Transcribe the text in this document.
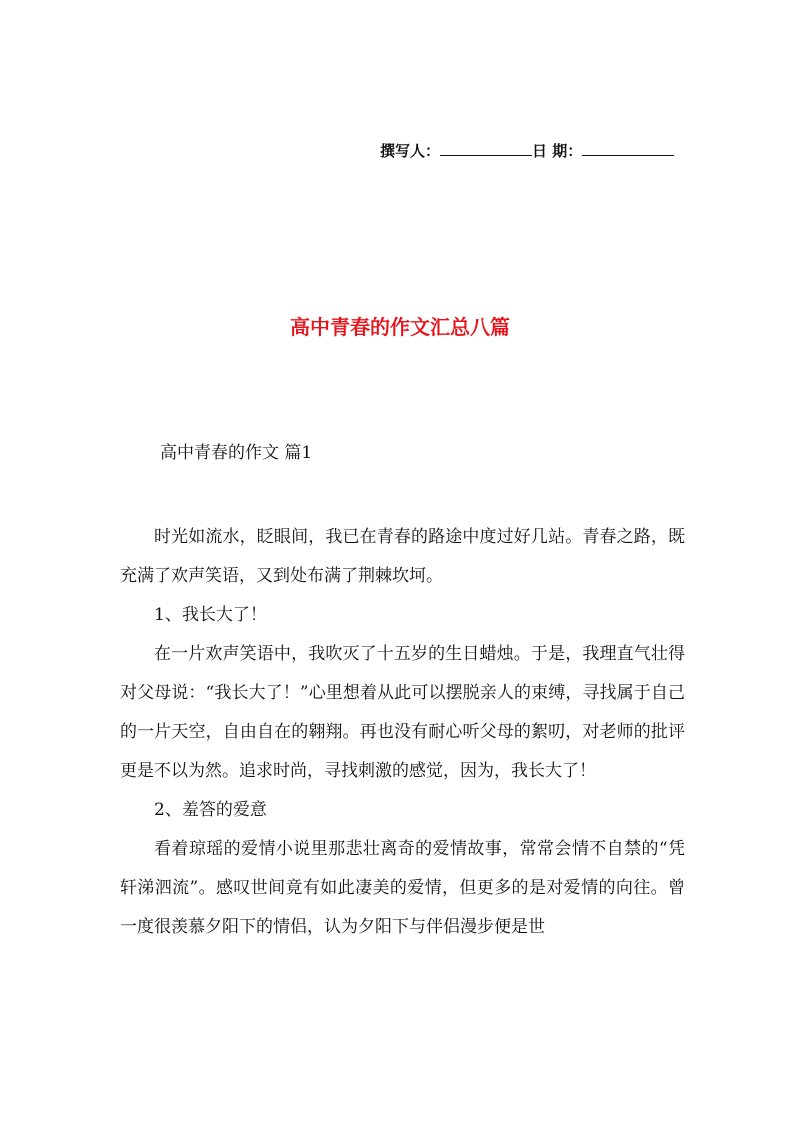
撰写人：	日 期：
高中青春的作文汇总八篇
高中青春的作文 篇1

时光如流水，眨眼间，我已在青春的路途中度过好几站。青春之路，既充满了欢声笑语，又到处布满了荆棘坎坷。

1、我长大了！

在一片欢声笑语中，我吹灭了十五岁的生日蜡烛。于是，我理直气壮得对父母说：“我长大了！”心里想着从此可以摆脱亲人的束缚，寻找属于自己的一片天空，自由自在的翱翔。再也没有耐心听父母的絮叨，对老师的批评更是不以为然。追求时尚，寻找刺激的感觉，因为，我长大了！

2、羞答的爱意

看着琼瑶的爱情小说里那悲壮离奇的爱情故事，常常会情不自禁的“凭轩涕泗流”。感叹世间竟有如此凄美的爱情，但更多的是对爱情的向往。曾一度很羡慕夕阳下的情侣，认为夕阳下与伴侣漫步便是世
